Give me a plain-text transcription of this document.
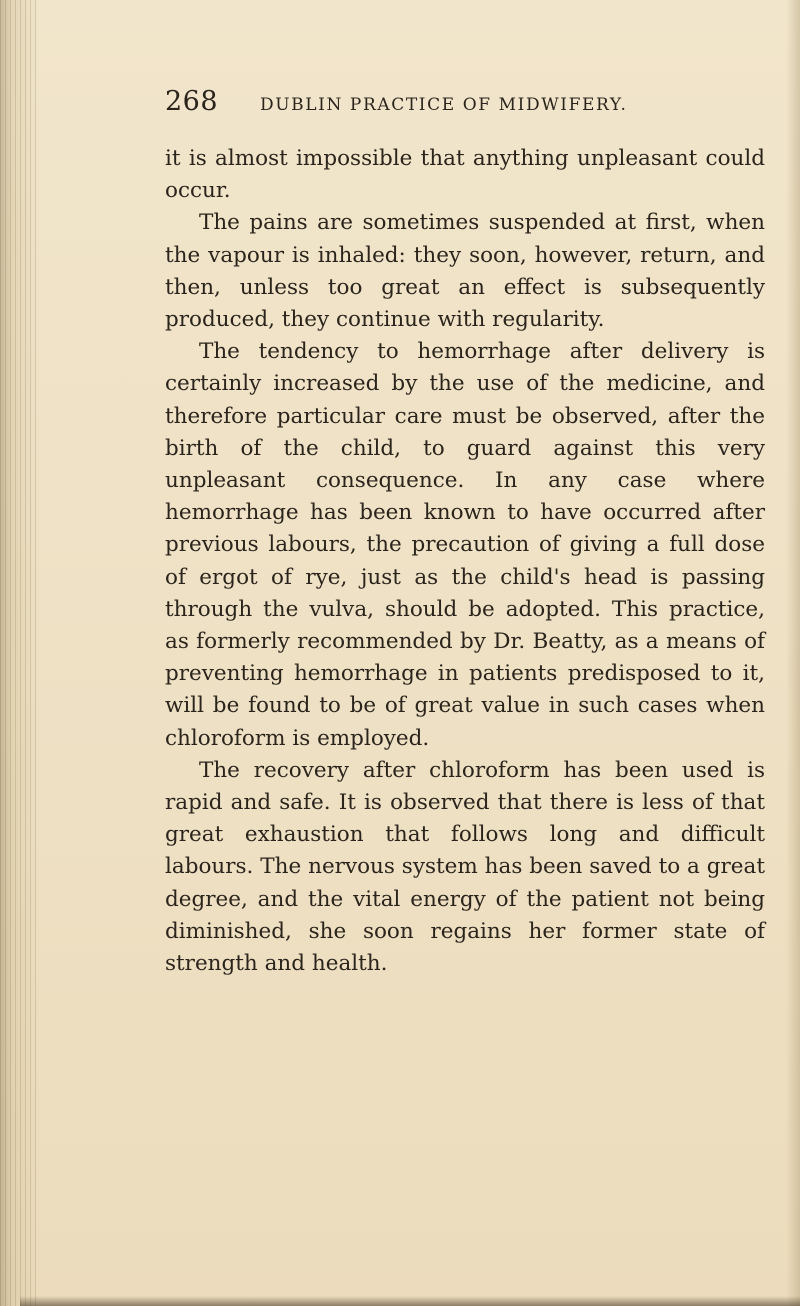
268	DUBLIN PRACTICE OF MIDWIFERY.

it is almost impossible that anything unpleasant could occur.

The pains are sometimes suspended at first, when the vapour is inhaled: they soon, however, return, and then, unless too great an effect is subsequently produced, they continue with regularity.

The tendency to hemorrhage after delivery is certainly increased by the use of the medicine, and therefore particular care must be observed, after the birth of the child, to guard against this very unpleasant consequence. In any case where hemorrhage has been known to have occurred after previous labours, the precaution of giving a full dose of ergot of rye, just as the child's head is passing through the vulva, should be adopted. This practice, as formerly recommended by Dr. Beatty, as a means of preventing hemorrhage in patients predisposed to it, will be found to be of great value in such cases when chloroform is employed.

The recovery after chloroform has been used is rapid and safe. It is observed that there is less of that great exhaustion that follows long and difficult labours. The nervous system has been saved to a great degree, and the vital energy of the patient not being diminished, she soon regains her former state of strength and health.
